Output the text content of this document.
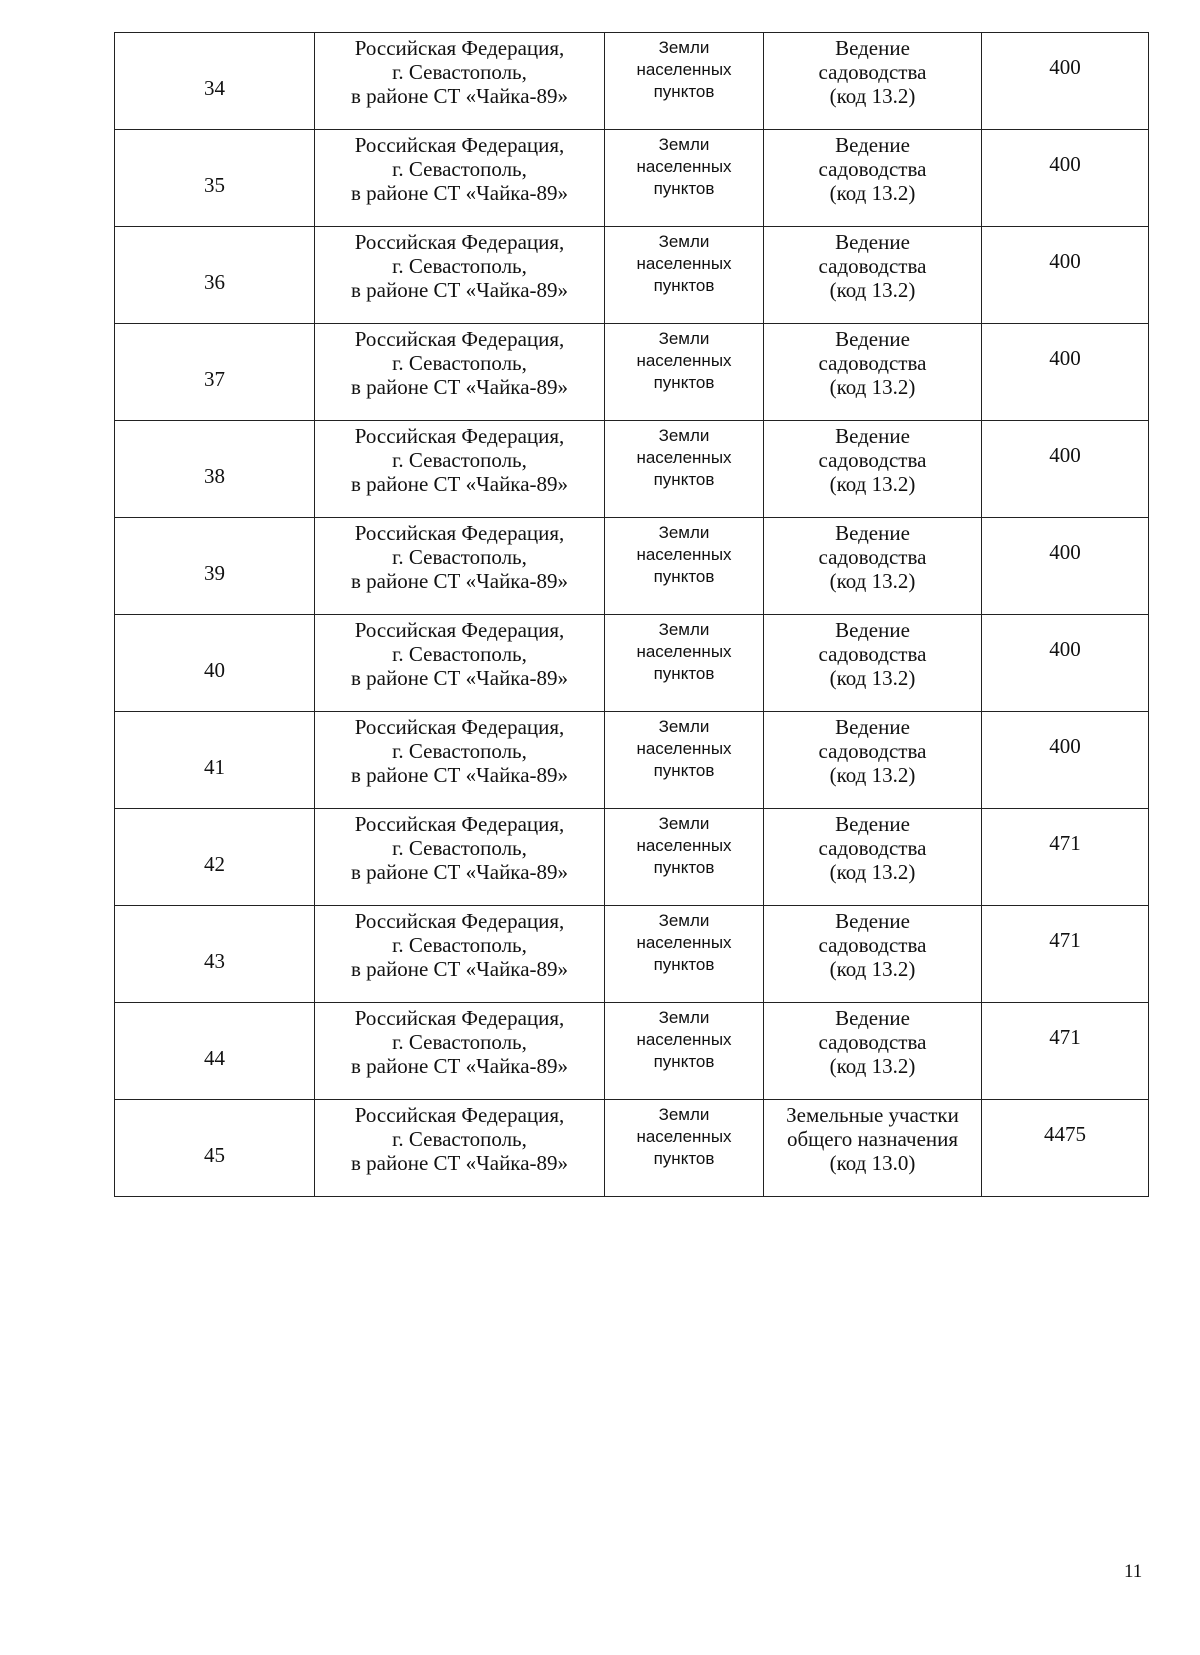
34	Российская Федерация,
г. Севастополь,
в районе СТ «Чайка-89»	Земли
населенных
пунктов	Ведение
садоводства
(код 13.2)	400
35	Российская Федерация,
г. Севастополь,
в районе СТ «Чайка-89»	Земли
населенных
пунктов	Ведение
садоводства
(код 13.2)	400
36	Российская Федерация,
г. Севастополь,
в районе СТ «Чайка-89»	Земли
населенных
пунктов	Ведение
садоводства
(код 13.2)	400
37	Российская Федерация,
г. Севастополь,
в районе СТ «Чайка-89»	Земли
населенных
пунктов	Ведение
садоводства
(код 13.2)	400
38	Российская Федерация,
г. Севастополь,
в районе СТ «Чайка-89»	Земли
населенных
пунктов	Ведение
садоводства
(код 13.2)	400
39	Российская Федерация,
г. Севастополь,
в районе СТ «Чайка-89»	Земли
населенных
пунктов	Ведение
садоводства
(код 13.2)	400
40	Российская Федерация,
г. Севастополь,
в районе СТ «Чайка-89»	Земли
населенных
пунктов	Ведение
садоводства
(код 13.2)	400
41	Российская Федерация,
г. Севастополь,
в районе СТ «Чайка-89»	Земли
населенных
пунктов	Ведение
садоводства
(код 13.2)	400
42	Российская Федерация,
г. Севастополь,
в районе СТ «Чайка-89»	Земли
населенных
пунктов	Ведение
садоводства
(код 13.2)	471
43	Российская Федерация,
г. Севастополь,
в районе СТ «Чайка-89»	Земли
населенных
пунктов	Ведение
садоводства
(код 13.2)	471
44	Российская Федерация,
г. Севастополь,
в районе СТ «Чайка-89»	Земли
населенных
пунктов	Ведение
садоводства
(код 13.2)	471
45	Российская Федерация,
г. Севастополь,
в районе СТ «Чайка-89»	Земли
населенных
пунктов	Земельные участки
общего назначения
(код 13.0)	4475
11
